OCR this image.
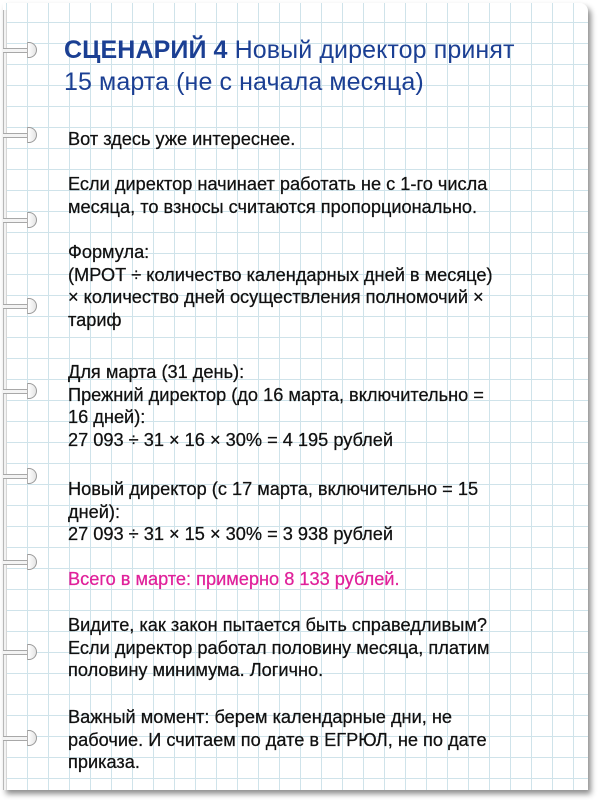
СЦЕНАРИЙ 4 Новый директор принят
15 марта (не с начала месяца)
Вот здесь уже интереснее.
Если директор начинает работать не с 1-го числа
месяца, то взносы считаются пропорционально.
Формула:
(МРОТ ÷ количество календарных дней в месяце)
× количество дней осуществления полномочий ×
тариф
Для марта (31 день):
Прежний директор (до 16 марта, включительно =
16 дней):
27 093 ÷ 31 × 16 × 30% = 4 195 рублей
Новый директор (с 17 марта, включительно = 15
дней):
27 093 ÷ 31 × 15 × 30% = 3 938 рублей
Всего в марте: примерно 8 133 рублей.
Видите, как закон пытается быть справедливым?
Если директор работал половину месяца, платим
половину минимума. Логично.
Важный момент: берем календарные дни, не
рабочие. И считаем по дате в ЕГРЮЛ, не по дате
приказа.
